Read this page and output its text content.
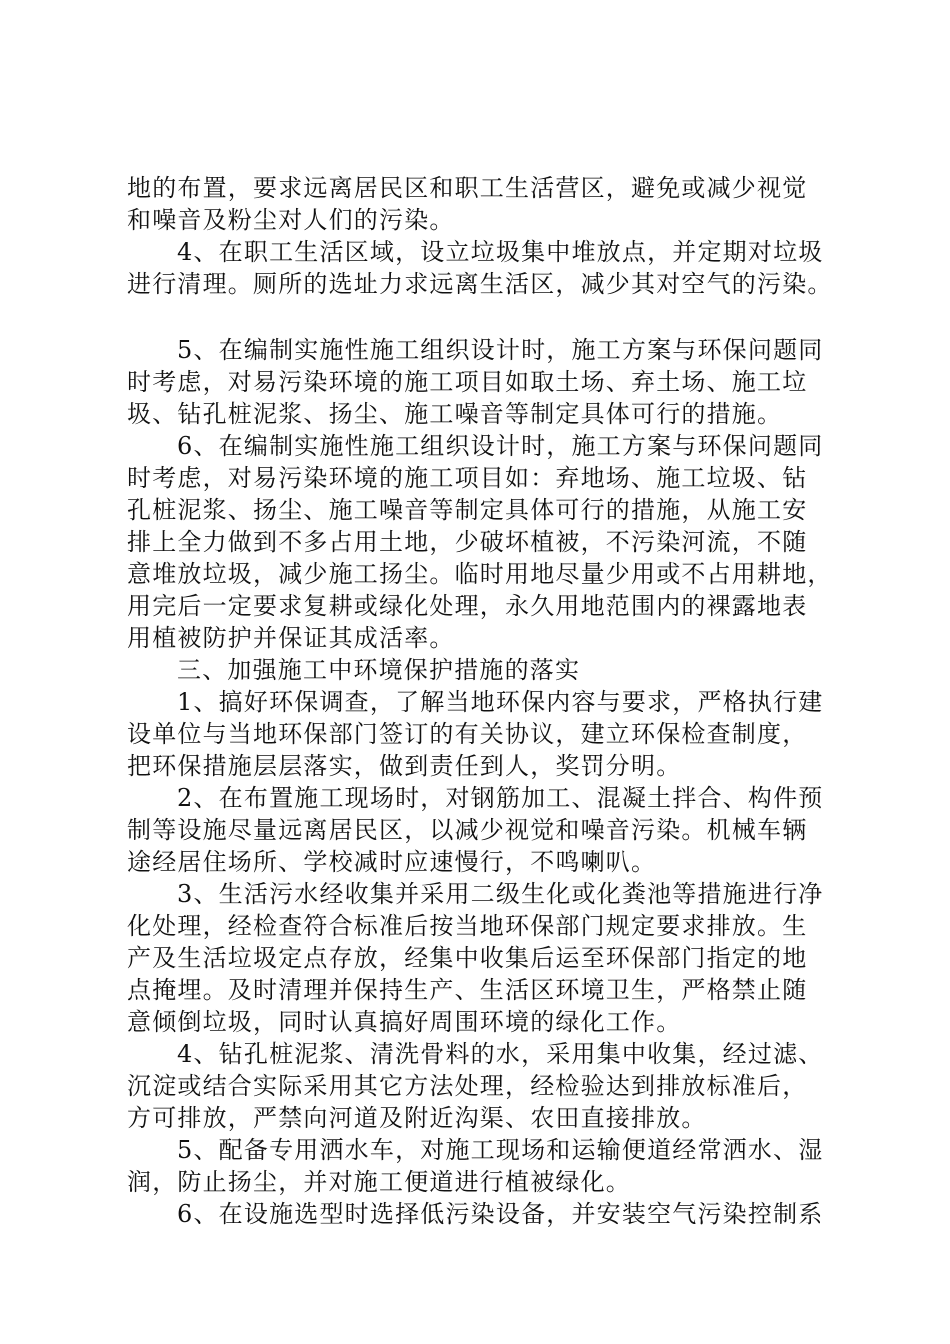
地的布置，要求远离居民区和职工生活营区，避免或减少视觉
和噪音及粉尘对人们的污染。
4、在职工生活区域，设立垃圾集中堆放点，并定期对垃圾
进行清理。厕所的选址力求远离生活区，减少其对空气的污染。
5、在编制实施性施工组织设计时，施工方案与环保问题同
时考虑，对易污染环境的施工项目如取土场、弃土场、施工垃
圾、钻孔桩泥浆、扬尘、施工噪音等制定具体可行的措施。
6、在编制实施性施工组织设计时，施工方案与环保问题同
时考虑，对易污染环境的施工项目如：弃地场、施工垃圾、钻
孔桩泥浆、扬尘、施工噪音等制定具体可行的措施，从施工安
排上全力做到不多占用土地，少破坏植被，不污染河流，不随
意堆放垃圾，减少施工扬尘。临时用地尽量少用或不占用耕地，
用完后一定要求复耕或绿化处理，永久用地范围内的裸露地表
用植被防护并保证其成活率。
三、加强施工中环境保护措施的落实
1、搞好环保调查，了解当地环保内容与要求，严格执行建
设单位与当地环保部门签订的有关协议，建立环保检查制度，
把环保措施层层落实，做到责任到人，奖罚分明。
2、在布置施工现场时，对钢筋加工、混凝土拌合、构件预
制等设施尽量远离居民区，以减少视觉和噪音污染。机械车辆
途经居住场所、学校减时应速慢行，不鸣喇叭。
3、生活污水经收集并采用二级生化或化粪池等措施进行净
化处理，经检查符合标准后按当地环保部门规定要求排放。生
产及生活垃圾定点存放，经集中收集后运至环保部门指定的地
点掩埋。及时清理并保持生产、生活区环境卫生，严格禁止随
意倾倒垃圾，同时认真搞好周围环境的绿化工作。
4、钻孔桩泥浆、清洗骨料的水，采用集中收集，经过滤、
沉淀或结合实际采用其它方法处理，经检验达到排放标准后，
方可排放，严禁向河道及附近沟渠、农田直接排放。
5、配备专用洒水车，对施工现场和运输便道经常洒水、湿
润，防止扬尘，并对施工便道进行植被绿化。
6、在设施选型时选择低污染设备，并安装空气污染控制系
